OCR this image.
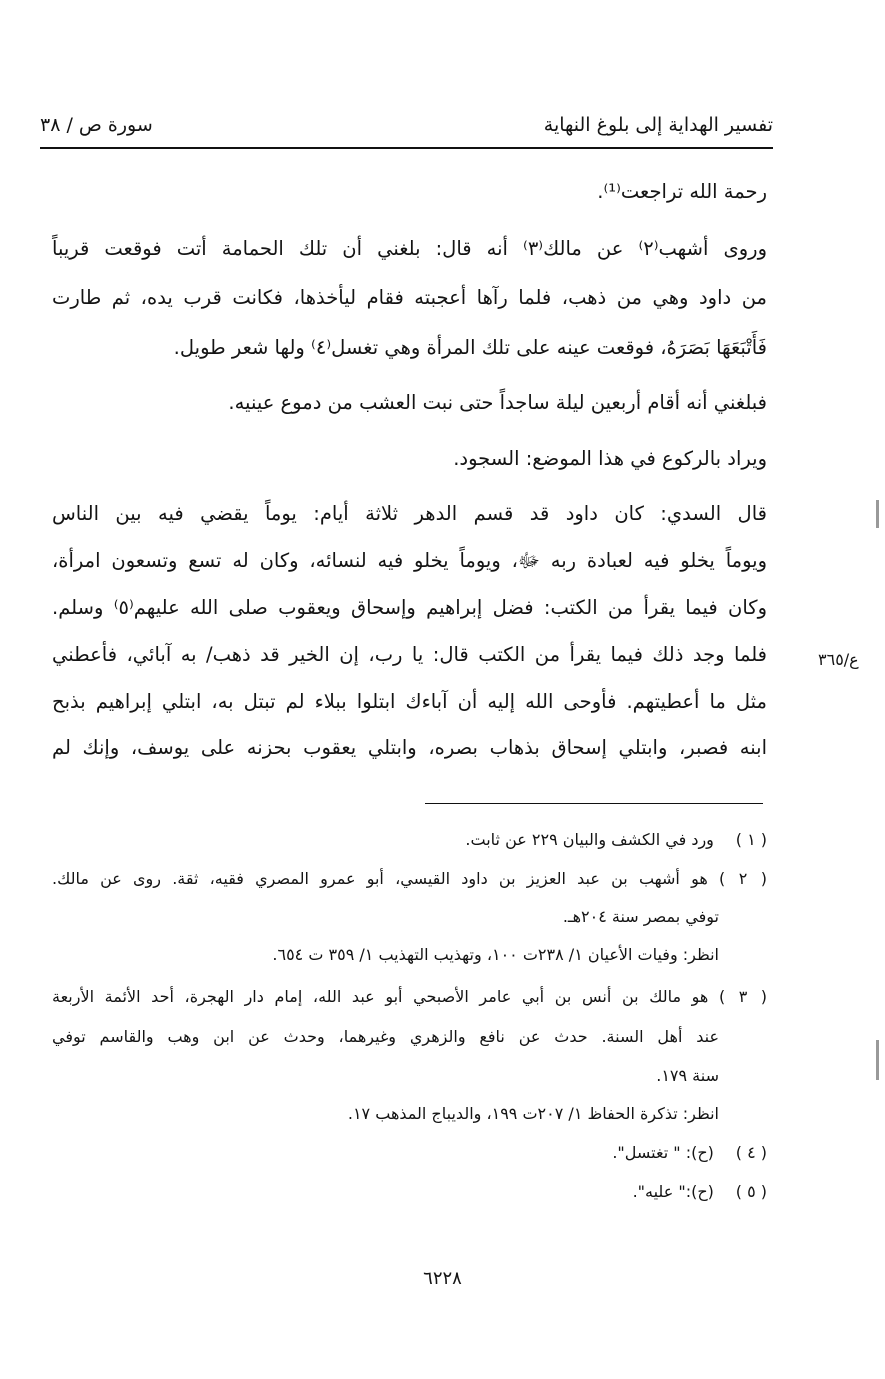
تفسير الهداية إلى بلوغ النهاية
سورة ص / ٣٨
رحمة الله تراجعت⁽¹⁾.
وروى أشهب⁽٢⁾ عن مالك⁽٣⁾ أنه قال: بلغني أن تلك الحمامة أتت فوقعت قريباً
من داود وهي من ذهب، فلما رآها أعجبته فقام ليأخذها، فكانت قرب يده، ثم طارت
فَأَتْبَعَهَا بَصَرَهُ، فوقعت عينه على تلك المرأة وهي تغسل⁽٤⁾ ولها شعر طويل.
فبلغني أنه أقام أربعين ليلة ساجداً حتى نبت العشب من دموع عينيه.
ويراد بالركوع في هذا الموضع: السجود.
قال السدي: كان داود قد قسم الدهر ثلاثة أيام: يوماً يقضي فيه بين الناس
ويوماً يخلو فيه لعبادة ربه ﷻ، ويوماً يخلو فيه لنسائه، وكان له تسع وتسعون امرأة،
وكان فيما يقرأ من الكتب: فضل إبراهيم وإسحاق ويعقوب صلى الله عليهم⁽٥⁾ وسلم.
فلما وجد ذلك فيما يقرأ من الكتب قال: يا رب، إن الخير قد ذهب/ به آبائي، فأعطني
مثل ما أعطيتهم. فأوحى الله إليه أن آباءك ابتلوا ببلاء لم تبتل به، ابتلي إبراهيم بذبح
ابنه فصبر، وابتلي إسحاق بذهاب بصره، وابتلي يعقوب بحزنه على يوسف، وإنك لم
ع/٣٦٥
( ١ ) ورد في الكشف والبيان ٢٢٩ عن ثابت.
( ٢ ) هو أشهب بن عبد العزيز بن داود القيسي، أبو عمرو المصري فقيه، ثقة. روى عن مالك.
توفي بمصر سنة ٢٠٤هـ.
انظر: وفيات الأعيان ١/ ٢٣٨ت ١٠٠، وتهذيب التهذيب ١/ ٣٥٩ ت ٦٥٤.
( ٣ ) هو مالك بن أنس بن أبي عامر الأصبحي أبو عبد الله، إمام دار الهجرة، أحد الأئمة الأربعة
عند أهل السنة. حدث عن نافع والزهري وغيرهما، وحدث عن ابن وهب والقاسم توفي
سنة ١٧٩.
انظر: تذكرة الحفاظ ١/ ٢٠٧ت ١٩٩، والديباج المذهب ١٧.
( ٤ ) (ح): " تغتسل".
( ٥ ) (ح):" عليه".
٦٢٢٨
